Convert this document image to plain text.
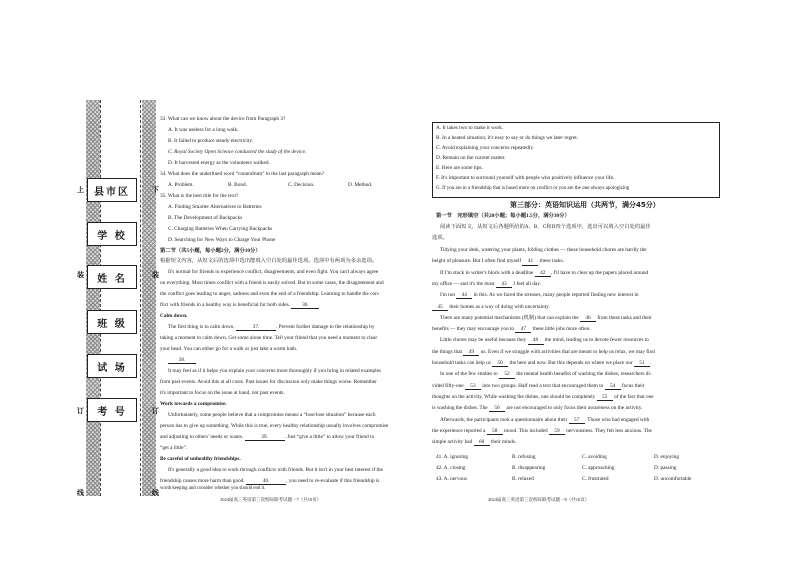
上	下
装	装
订	订
线	线
县市区
学 校
姓 名
班 级
试 场
考 号
33. What can we know about the device from Paragraph 3?
A. It was useless for a long walk.
B. It failed to produce steady electricity.
C. Royal Society Open Science conducted the study of the device.
D. It harvested energy as the volunteers walked.
34. What does the underlined word “conundrum” in the last paragraph mean?
A. Problem.	B. Bond.	C. Decision.	D. Method.
35. What is the best title for the text?
A. Finding Smarter Alternatives to Batteries
B. The Development of Backpacks
C. Charging Batteries When Carrying Backpacks
D. Searching for New Ways to Charge Your Phone
第二节（共5小题，每小题2分，满分10分）
根据短文内容，从短文后的选项中选出能填入空白处的最佳选项。选项中有两项为多余选项。
It's normal for friends to experience conflict, disagreements, and even fight. You can't always agree
on everything. Most times conflict with a friend is easily solved. But in some cases, the disagreement and
the conflict goes leading to anger, sadness and even the end of a friendship. Learning to handle the con-
flict with friends in a healthy way is beneficial for both sides. 36.
Calm down.
The first thing is to calm down.	37.	. Prevent further damage to the relationship by
taking a moment to calm down. Get some alone time. Tell your friend that you need a moment to clear
your head. You can either go for a walk or just take a warm bath.
38.
It may feel as if it helps you explain your concerns more thoroughly if you bring in related examples
from past events. Avoid this at all costs. Past issues for discussion only make things worse. Remember
it's important to focus on the issue at hand, not past events.
Work towards a compromise.
Unfortunately, some people believe that a compromise means a “lose/lose situation” because each
person has to give up something. While this is true, every healthy relationship usually involves compromise
and adjusting to others' needs or wants.	39.	. Just “give a little” to allow your friend to
“get a little”.
Be careful of unhealthy friendships.
It's generally a good idea to work through conflicts with friends. But it isn't in your best interest if the
friendship causes more harm than good.	40.	, you need to re-evaluate if this friendship is
worth keeping and consider whether you should end it.
2024届高三英语第三次校际联考试题一7（共10页）
A. It takes two to make it work.
B. In a heated situation, it's easy to say or do things we later regret.
C. Avoid explaining your concerns repeatedly.
D. Remain on the current matter.
E. Here are some tips.
F. It's important to surround yourself with people who positively influence your life.
G. If you are in a friendship that is based more on conflict or you are the one always apologizing
第三部分：英语知识运用（共两节，满分45分）
第一节　完形填空（共20小题；每小题1.5分，满分30分）
阅读下面短文，从短文后各题所给的A、B、C和D四个选项中，选出可以填入空白处的最佳
选项。
Tidying your desk, watering your plants, folding clothes — these household chores are hardly the
height of pleasure. But I often find myself 41 these tasks.
If I'm stuck in writer's block with a deadline 42 , I'll have to clear up the papers placed around
my office — and it's the most 43 I feel all day.
I'm not 44 in this. As we faced the stresses, many people reported finding new interest in
45 their homes as a way of doing with uncertainty.
There are many potential mechanisms (机制) that can explain the 46 from these tasks and their
benefits — they may encourage you to 47 these little jobs more often.
Little chores may be useful because they 48 the mind, leading us to devote fewer resources to
the things that 49 us. Even if we struggle with activities that are meant to help us relax, we may find
household tasks can help us 50 the here and now. But this depends on where we place our 51 .
In one of the few studies to 52 the mental health benefits of washing the dishes, researchers di-
vided fifty-one 53 into two groups. Half read a text that encouraged them to 54 focus their
thoughts on the activity. While washing the dishes, one should be completely 55 of the fact that one
is washing the dishes. The 56 are not encouraged to only focus their awareness on the activity.
Afterwards, the participants took a questionnaire about their 57 . Those who had engaged with
the experience reported a 58 mood. This included 59 nervousness. They felt less anxious. The
simple activity had 60 their minds.
41. A. ignoring	B. refusing	C. avoiding	D. enjoying
42. A. closing	B. disappearing	C. approaching	D. passing
43. A. nervous	B. relaxed	C. frustrated	D. uncomfortable
2024届高三英语第三次校际联考试题一8（共10页）
